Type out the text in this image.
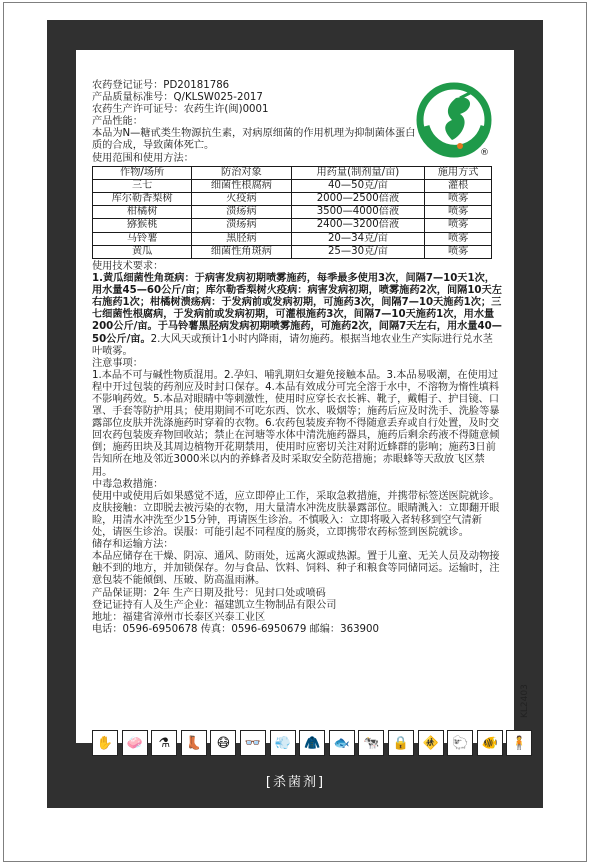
®

农药登记证号：PD20181786

产品质量标准号：Q/KLSW025-2017

农药生产许可证号：农药生许(闽)0001

产品性能：

本品为N—糖甙类生物源抗生素，对病原细菌的作用机理为抑制菌体蛋白质的合成，导致菌体死亡。

使用范围和使用方法：

作物/场所	防治对象	用药量(制剂量/亩)	施用方式
三七	细菌性根腐病	40—50克/亩	灌根
库尔勒香梨树	火疫病	2000—2500倍液	喷雾
柑橘树	溃疡病	3500—4000倍液	喷雾
猕猴桃	溃疡病	2400—3200倍液	喷雾
马铃薯	黑胫病	20—34克/亩	喷雾
黄瓜	细菌性角斑病	25—30克/亩	喷雾

使用技术要求：

1.黄瓜细菌性角斑病：于病害发病初期喷雾施药，每季最多使用3次，间隔7—10天1次，用水量45—60公斤/亩；库尔勒香梨树火疫病：病害发病初期，喷雾施药2次，间隔10天左右施药1次；柑橘树溃疡病：于发病前或发病初期，可施药3次，间隔7—10天施药1次；三七细菌性根腐病，于发病前或发病初期，可灌根施药3次，间隔7—10天施药1次，用水量200公斤/亩。于马铃薯黑胫病发病初期喷雾施药，可施药2次，间隔7天左右，用水量40—50公斤/亩。2.大风天或预计1小时内降雨，请勿施药。根据当地农业生产实际进行兑水茎叶喷雾。

注意事项：

1.本品不可与碱性物质混用。2.孕妇、哺乳期妇女避免接触本品。3.本品易吸潮，在使用过程中开过包装的药剂应及时封口保存。4.本品有效成分可完全溶于水中，不溶物为惰性填料不影响药效。5.本品对眼睛中等刺激性，使用时应穿长衣长裤、靴子，戴帽子、护目镜、口罩、手套等防护用具；使用期间不可吃东西、饮水、吸烟等；施药后应及时洗手、洗脸等暴露部位皮肤并洗涤施药时穿着的衣物。6.农药包装废弃物不得随意丢弃或自行处置，及时交回农药包装废弃物回收站；禁止在河塘等水体中清洗施药器具，施药后剩余药液不得随意倾倒；施药田块及其周边植物开花期禁用，使用时应密切关注对附近蜂群的影响；施药3日前告知所在地及邻近3000米以内的养蜂者及时采取安全防范措施；赤眼蜂等天敌放飞区禁用。

中毒急救措施：

使用中或使用后如果感觉不适，应立即停止工作，采取急救措施，并携带标签送医院就诊。皮肤接触：立即脱去被污染的衣物，用大量清水冲洗皮肤暴露部位。眼睛溅入：立即翻开眼睑，用清水冲洗至少15分钟，再请医生诊治。不慎吸入：立即将吸入者转移到空气清新处，请医生诊治。误服：可能引起不同程度的肠炎，立即携带农药标签到医院就诊。

储存和运输方法：

本品应储存在干燥、阴凉、通风、防雨处，远离火源或热源。置于儿童、无关人员及动物接触不到的地方，并加锁保存。勿与食品、饮料、饲料、种子和粮食等同储同运。运输时，注意包装不能倾倒、压破、防高温雨淋。

产品保证期：2年 生产日期及批号：见封口处或喷码

登记证持有人及生产企业：福建凯立生物制品有限公司

地址：福建省漳州市长泰区兴泰工业区

电话：0596-6950678 传真：0596-6950679 邮编：363900

✋	🧼	⚗	👢	😷	👓	💨	🧥	🐟	🐄	🔒	🚸	🐑	🐠	🧍
KL2403
[杀菌剂]
